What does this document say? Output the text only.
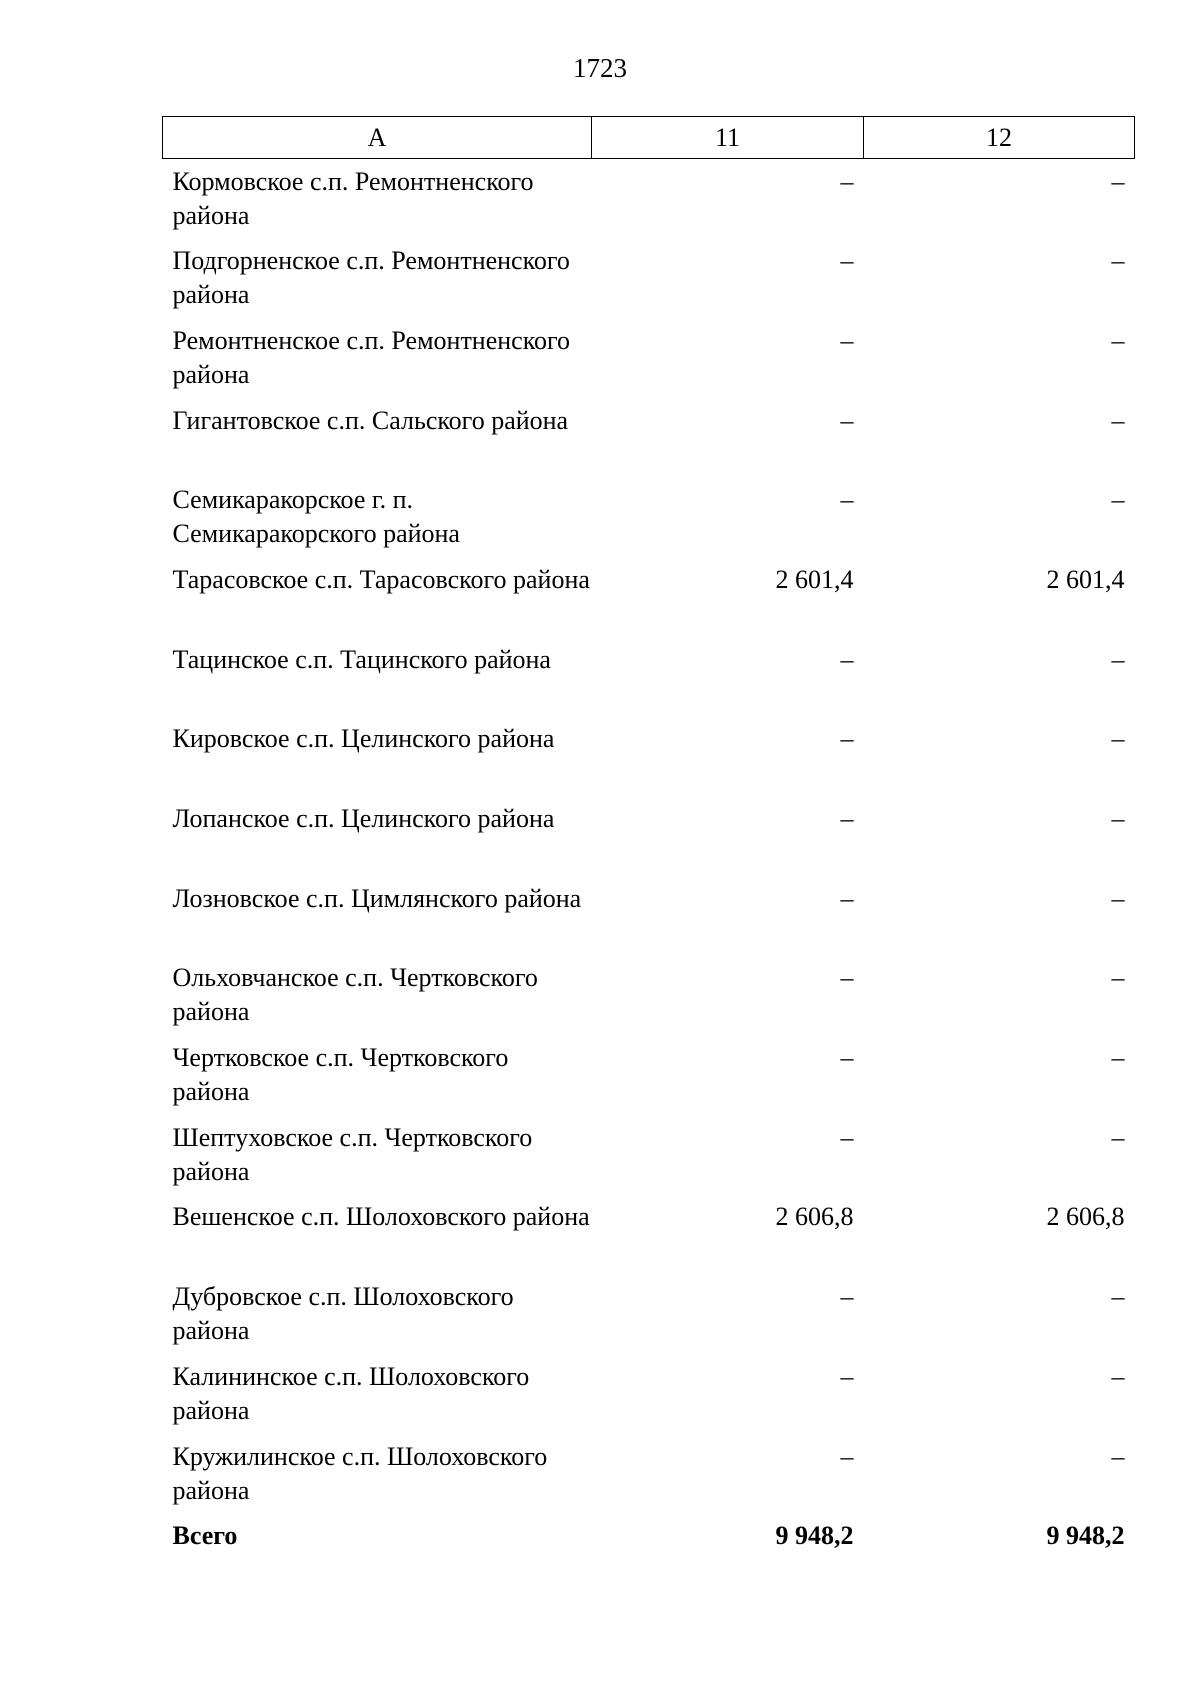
1723
А	11	12
Кормовское с.п. Ремонтненского района	–	–
Подгорненское с.п. Ремонтненского района	–	–
Ремонтненское с.п. Ремонтненского района	–	–
Гигантовское с.п. Сальского района	–	–
Семикаракорское г. п. Семикаракорского района	–	–
Тарасовское с.п. Тарасовского района	2 601,4	2 601,4
Тацинское с.п. Тацинского района	–	–
Кировское с.п. Целинского района	–	–
Лопанское с.п. Целинского района	–	–
Лозновское с.п. Цимлянского района	–	–
Ольховчанское с.п. Чертковского района	–	–
Чертковское с.п. Чертковского района	–	–
Шептуховское с.п. Чертковского района	–	–
Вешенское с.п. Шолоховского района	2 606,8	2 606,8
Дубровское с.п. Шолоховского района	–	–
Калининское с.п. Шолоховского района	–	–
Кружилинское с.п. Шолоховского района	–	–
Всего	9 948,2	9 948,2
